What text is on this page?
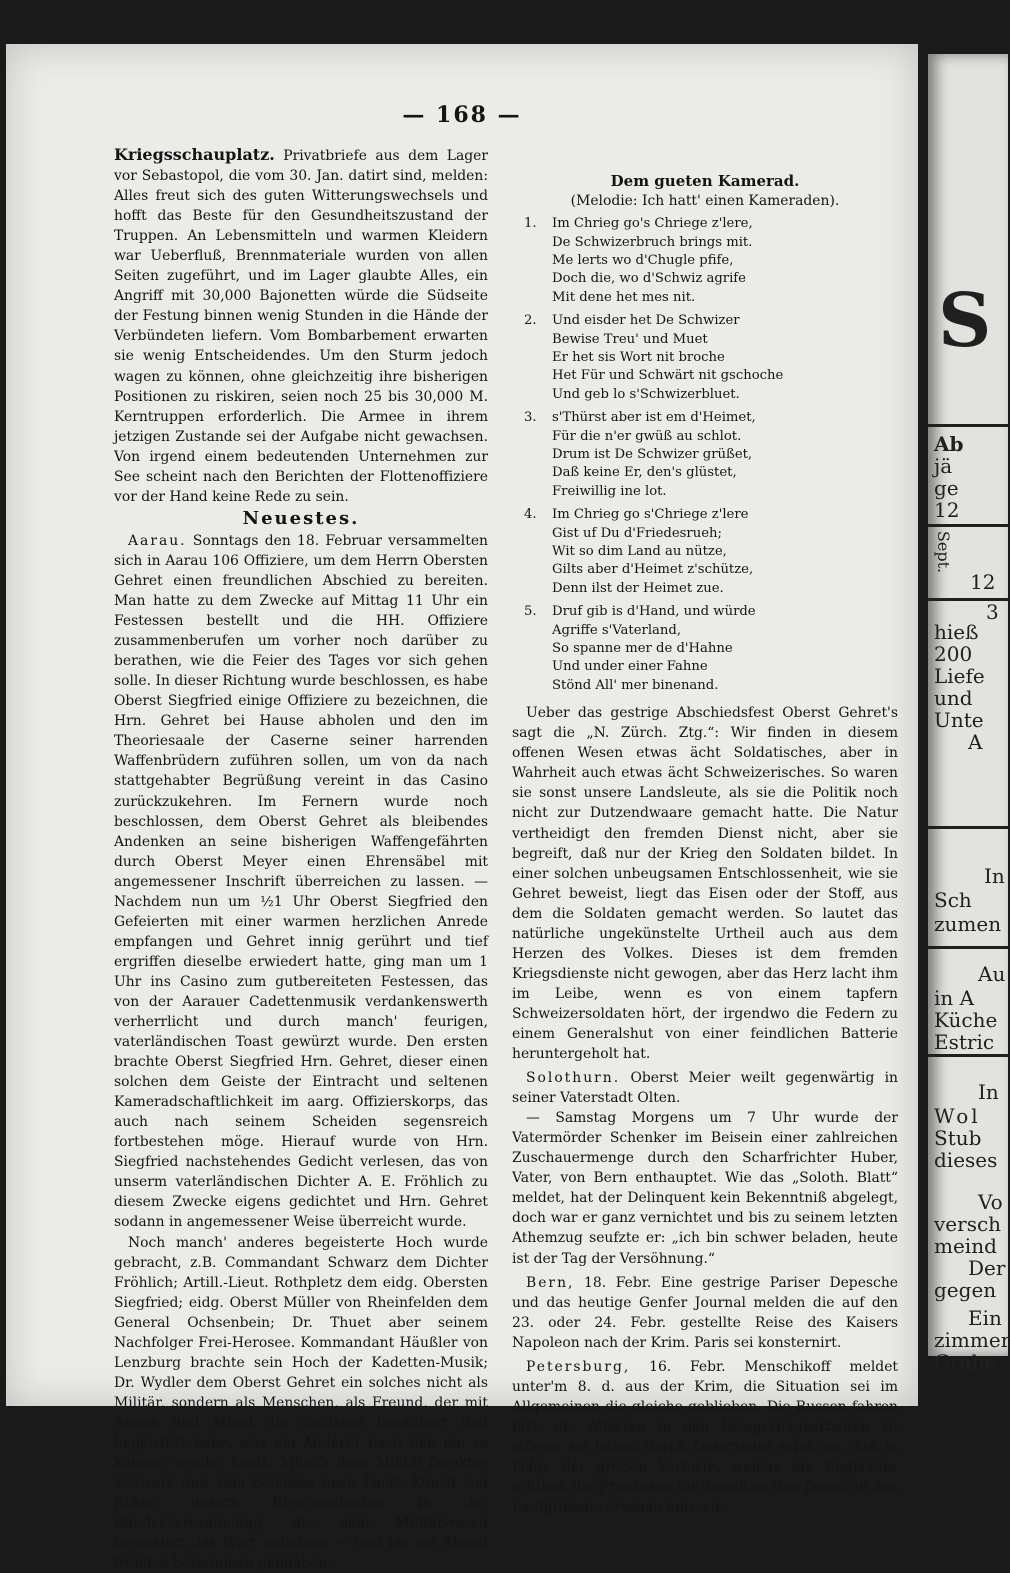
— 168 —

Kriegsschauplatz. Privatbriefe aus dem Lager vor Sebastopol, die vom 30. Jan. datirt sind, melden: Alles freut sich des guten Witterungswechsels und hofft das Beste für den Gesundheitszustand der Truppen. An Lebensmitteln und warmen Kleidern war Ueberfluß, Brennmateriale wurden von allen Seiten zugeführt, und im Lager glaubte Alles, ein Angriff mit 30,000 Bajonetten würde die Südseite der Festung binnen wenig Stunden in die Hände der Verbündeten liefern. Vom Bombarbement erwarten sie wenig Entscheidendes. Um den Sturm jedoch wagen zu können, ohne gleichzeitig ihre bisherigen Positionen zu riskiren, seien noch 25 bis 30,000 M. Kerntruppen erforderlich. Die Armee in ihrem jetzigen Zustande sei der Aufgabe nicht gewachsen. Von irgend einem bedeutenden Unternehmen zur See scheint nach den Berichten der Flottenoffiziere vor der Hand keine Rede zu sein.

Neuestes.

Aarau. Sonntags den 18. Februar versammelten sich in Aarau 106 Offiziere, um dem Herrn Obersten Gehret einen freundlichen Abschied zu bereiten. Man hatte zu dem Zwecke auf Mittag 11 Uhr ein Festessen bestellt und die HH. Offiziere zusammenberufen um vorher noch darüber zu berathen, wie die Feier des Tages vor sich gehen solle. In dieser Richtung wurde beschlossen, es habe Oberst Siegfried einige Offiziere zu bezeichnen, die Hrn. Gehret bei Hause abholen und den im Theoriesaale der Caserne seiner harrenden Waffenbrüdern zuführen sollen, um von da nach stattgehabter Begrüßung vereint in das Casino zurückzukehren. Im Fernern wurde noch beschlossen, dem Oberst Gehret als bleibendes Andenken an seine bisherigen Waffengefährten durch Oberst Meyer einen Ehrensäbel mit angemessener Inschrift überreichen zu lassen. — Nachdem nun um ½1 Uhr Oberst Siegfried den Gefeierten mit einer warmen herzlichen Anrede empfangen und Gehret innig gerührt und tief ergriffen dieselbe erwiedert hatte, ging man um 1 Uhr ins Casino zum gutbereiteten Festessen, das von der Aarauer Cadettenmusik verdankenswerth verherrlicht und durch manch' feurigen, vaterländischen Toast gewürzt wurde. Den ersten brachte Oberst Siegfried Hrn. Gehret, dieser einen solchen dem Geiste der Eintracht und seltenen Kameradschaftlichkeit im aarg. Offizierskorps, das auch nach seinem Scheiden segensreich fortbestehen möge. Hierauf wurde von Hrn. Siegfried nachstehendes Gedicht verlesen, das von unserm vaterländischen Dichter A. E. Fröhlich zu diesem Zwecke eigens gedichtet und Hrn. Gehret sodann in angemessener Weise überreicht wurde.

Noch manch' anderes begeisterte Hoch wurde gebracht, z.B. Commandant Schwarz dem Dichter Fröhlich; Artill.-Lieut. Rothpletz dem eidg. Obersten Siegfried; eidg. Oberst Müller von Rheinfelden dem General Ochsenbein; Dr. Thuet aber seinem Nachfolger Frei-Herosee. Kommandant Häußler von Lenzburg brachte sein Hoch der Kadetten-Musik; Dr. Wydler dem Oberst Gehret ein solches nicht als Militär, sondern als Menschen, als Freund, der mit Augen und Mund die Soldaten bezaubert und begeistert habe, was ein Anderer nach ihm nie so können werde; Lieut. Münch dem Militär-Direktor Schwarz und zum Schlusse noch Lieut. Künzli von Ryken unsern Repräsentanten in der Bundesversammlung, die dem Militärwesen begeistert das Wort geliehen; — und bis am Abend fröhlich beisammen geblieben.

Dem gueten Kamerad.
(Melodie: Ich hatt' einen Kameraden).
1.	Im Chrieg go's Chriege z'lere,
De Schwizerbruch brings mit.
Me lerts wo d'Chugle pfife,
Doch die, wo d'Schwiz agrife
Mit dene het mes nit.
2.	Und eisder het De Schwizer
Bewise Treu' und Muet
Er het sis Wort nit broche
Het Für und Schwärt nit gschoche
Und geb lo s'Schwizerbluet.
3.	s'Thürst aber ist em d'Heimet,
Für die n'er gwüß au schlot.
Drum ist De Schwizer grüßet,
Daß keine Er, den's glüstet,
Freiwillig ine lot.
4.	Im Chrieg go s'Chriege z'lere
Gist uf Du d'Friedesrueh;
Wit so dim Land au nütze,
Gilts aber d'Heimet z'schütze,
Denn ilst der Heimet zue.
5.	Druf gib is d'Hand, und würde
Agriffe s'Vaterland,
So spanne mer de d'Hahne
Und under einer Fahne
Stönd All' mer binenand.

Ueber das gestrige Abschiedsfest Oberst Gehret's sagt die „N. Zürch. Ztg.“: Wir finden in diesem offenen Wesen etwas ächt Soldatisches, aber in Wahrheit auch etwas ächt Schweizerisches. So waren sie sonst unsere Landsleute, als sie die Politik noch nicht zur Dutzendwaare gemacht hatte. Die Natur vertheidigt den fremden Dienst nicht, aber sie begreift, daß nur der Krieg den Soldaten bildet. In einer solchen unbeugsamen Entschlossenheit, wie sie Gehret beweist, liegt das Eisen oder der Stoff, aus dem die Soldaten gemacht werden. So lautet das natürliche ungekünstelte Urtheil auch aus dem Herzen des Volkes. Dieses ist dem fremden Kriegsdienste nicht gewogen, aber das Herz lacht ihm im Leibe, wenn es von einem tapfern Schweizersoldaten hört, der irgendwo die Federn zu einem Generalshut von einer feindlichen Batterie heruntergeholt hat.

Solothurn. Oberst Meier weilt gegenwärtig in seiner Vaterstadt Olten.

— Samstag Morgens um 7 Uhr wurde der Vatermörder Schenker im Beisein einer zahlreichen Zuschauermenge durch den Scharfrichter Huber, Vater, von Bern enthauptet. Wie das „Soloth. Blatt“ meldet, hat der Delinquent kein Bekenntniß abgelegt, doch war er ganz vernichtet und bis zu seinem letzten Athemzug seufzte er: „ich bin schwer beladen, heute ist der Tag der Versöhnung.“

Bern, 18. Febr. Eine gestrige Pariser Depesche und das heutige Genfer Journal melden die auf den 23. oder 24. Febr. gestellte Reise des Kaisers Napoleon nach der Krim. Paris sei konsternirt.

Petersburg, 16. Febr. Menschikoff meldet unter'm 8. d. aus der Krim, die Situation sei im Allgemeinen die gleiche geblieben. Die Russen fahren fort, die Alliirten in den Belagerungsarbeiten zu stören; sie haben durch Deserteure erfahren, daß in Folge der großen Verluste, welche die Engländer erlitten, die Franzosen für dieselben den Dienst in den Laufgräben versehen müssen.

S
Ab
jä
ge
12
Sept.
12
3
hieß
200
Liefe
und
Unte
A
In
Sch
zumen
Au
in A
Küche
Estric
In
Wol
Stub
dieses
Vo
versch
meind
Der
gegen
Ein
zimmer
Grabe
